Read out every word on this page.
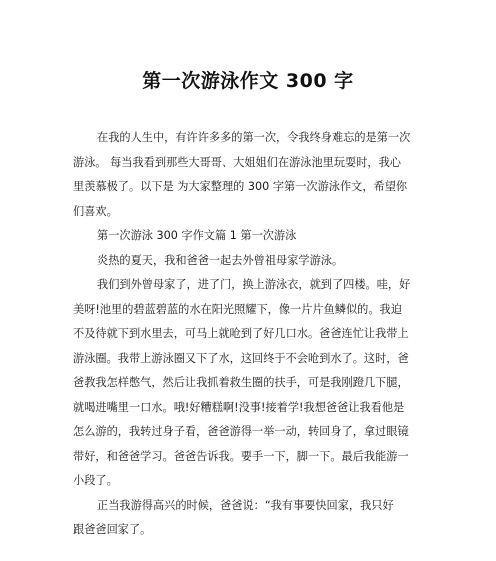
第一次游泳作文 300 字
在我的人生中，有许许多多的第一次，令我终身难忘的是第一次
游泳。 每当我看到那些大哥哥、大姐姐们在游泳池里玩耍时，我心
里羡慕极了。以下是 为大家整理的 300 字第一次游泳作文，希望你
们喜欢。
第一次游泳 300 字作文篇 1 第一次游泳
炎热的夏天，我和爸爸一起去外曾祖母家学游泳。
我们到外曾母家了，进了门，换上游泳衣，就到了四楼。哇，好
美呀!池里的碧蓝碧蓝的水在阳光照耀下，像一片片鱼鳞似的。我迫
不及待就下到水里去，可马上就呛到了好几口水。爸爸连忙让我带上
游泳圈。我带上游泳圈又下了水，这回终于不会呛到水了。这时，爸
爸教我怎样憋气，然后让我抓着救生圈的扶手，可是我刚蹬几下腿，
就喝进嘴里一口水。哦!好糟糕啊!没事!接着学!我想爸爸让我看他是
怎么游的，我转过身子看，爸爸游得一举一动，转回身了，拿过眼镜
带好，和爸爸学习。爸爸告诉我。要手一下，脚一下。最后我能游一
小段了。
正当我游得高兴的时候，爸爸说：“我有事要快回家，我只好
跟爸爸回家了。
